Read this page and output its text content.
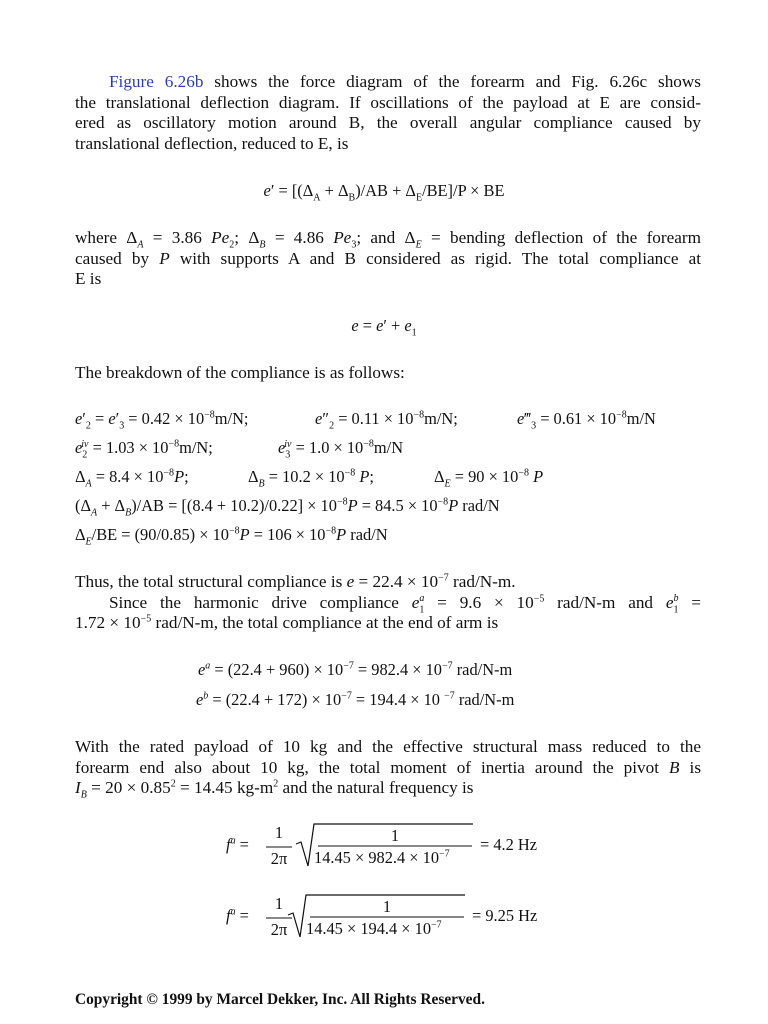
Figure 6.26b shows the force diagram of the forearm and Fig. 6.26c shows
the translational deflection diagram. If oscillations of the payload at E are consid-
ered as oscillatory motion around B, the overall angular compliance caused by
translational deflection, reduced to E, is
$e' = [(\Delta_A + \Delta_B)/AB + \Delta_E/BE]/P$ × BE
where $\Delta_A = 3.86$ $Pe_2$; $\Delta_B = 4.86$ $Pe_3$; and $\Delta_E$ = bending deflection of the forearm
caused by P with supports A and B considered as rigid. The total compliance at
E is
$e = e' + e_1$
The breakdown of the compliance is as follows:
$e'_2 = e'_3 = 0.42 \times 10^{-8}m/N$;	$e''_2 = 0.11 \times 10^{-8}m/N$;	$e‴_3 = 0.61 \times 10^{-8}m/N$
$e_2^{iv} = 1.03 \times 10^{-8}m/N$;	$e_3^{iv} = 1.0 \times 10^{-8}m/N$
$\Delta_A = 8.4 \times 10^{-8}P$;	$\Delta_B = 10.2 \times 10^{-8}$ P;	$\Delta_E = 90 \times 10^{-8}$ P
$(\Delta_A + \Delta_B)/AB = [(8.4 + 10.2)/0.22] \times 10^{-8}P = 84.5 \times 10^{-8}P$ rad/N
$\Delta_E/BE = (90/0.85) \times 10^{-8}P = 106 \times 10^{-8}P$ rad/N
Thus, the total structural compliance is $e = 22.4 \times 10^{-7}$ rad/N-m.
Since the harmonic drive compliance $e_1^a = 9.6 \times 10^{-5}$ rad/N-m and $e_1^b$ =
$1.72 \times 10^{-5}$ rad/N-m, the total compliance at the end of arm is
$e^a = (22.4 + 960) \times 10^{-7} = 982.4 \times 10^{-7}$ rad/N-m
$e^b = (22.4 + 172) \times 10^{-7} = 194.4 \times 10$ $^{-7}$ rad/N-m
With the rated payload of 10 kg and the effective structural mass reduced to the
forearm end also about 10 kg, the total moment of inertia around the pivot B is
$I_B = 20 \times 0.85^2 = 14.45$ $kg-m^2$ and the natural frequency is
$f^a$ =
1
2π
1
$14.45 \times 982.4 \times 10^{-7}$
= 4.2 Hz
$f^a$ =
1
2π
1
$14.45 \times 194.4 \times 10^{-7}$
= 9.25 Hz
Copyright © 1999 by Marcel Dekker, Inc. All Rights Reserved.
